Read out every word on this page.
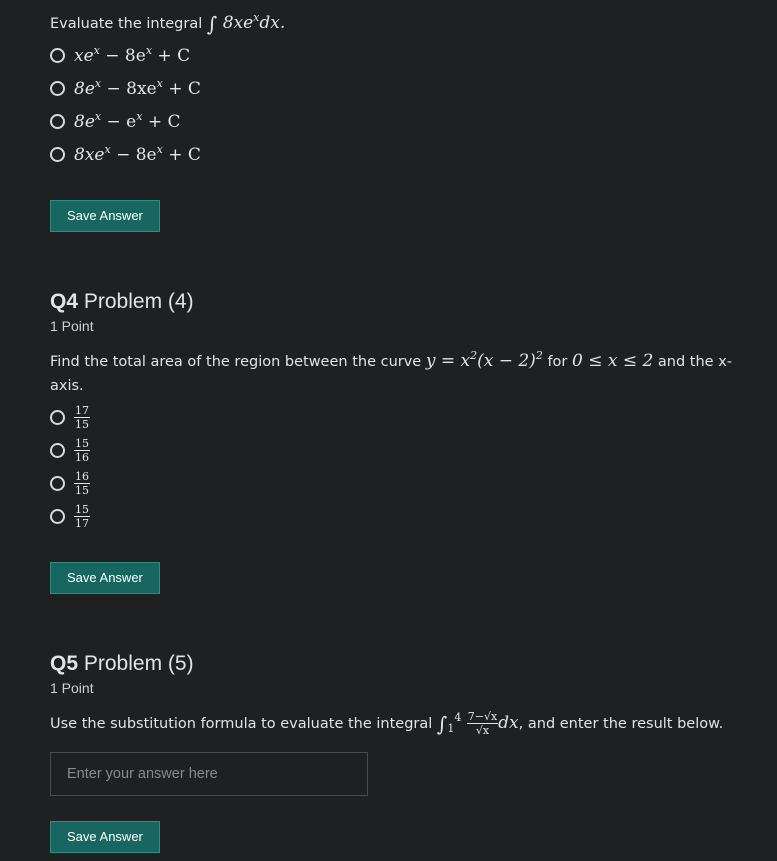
Evaluate the integral ∫ $8xe^xdx$.
$xe^x - 8e^x + C$
$8e^x - 8xe^x + C$
$8e^x - e^x + C$
$8xe^x - 8e^x + C$
Save Answer
Q4 Problem (4)
1 Point
Find the total area of the region between the curve $y = x^2(x - 2)^2$ for 0 ≤ x ≤ 2 and the x-
axis.
$\frac{17}{15}$
$\frac{15}{16}$
$\frac{16}{15}$
$\frac{15}{17}$
Save Answer
Q5 Problem (5)
1 Point
Use the substitution formula to evaluate the integral $\int_1^4 \frac{7-√x}{√x}$ dx, and enter the result below.
Enter your answer here
Save Answer
